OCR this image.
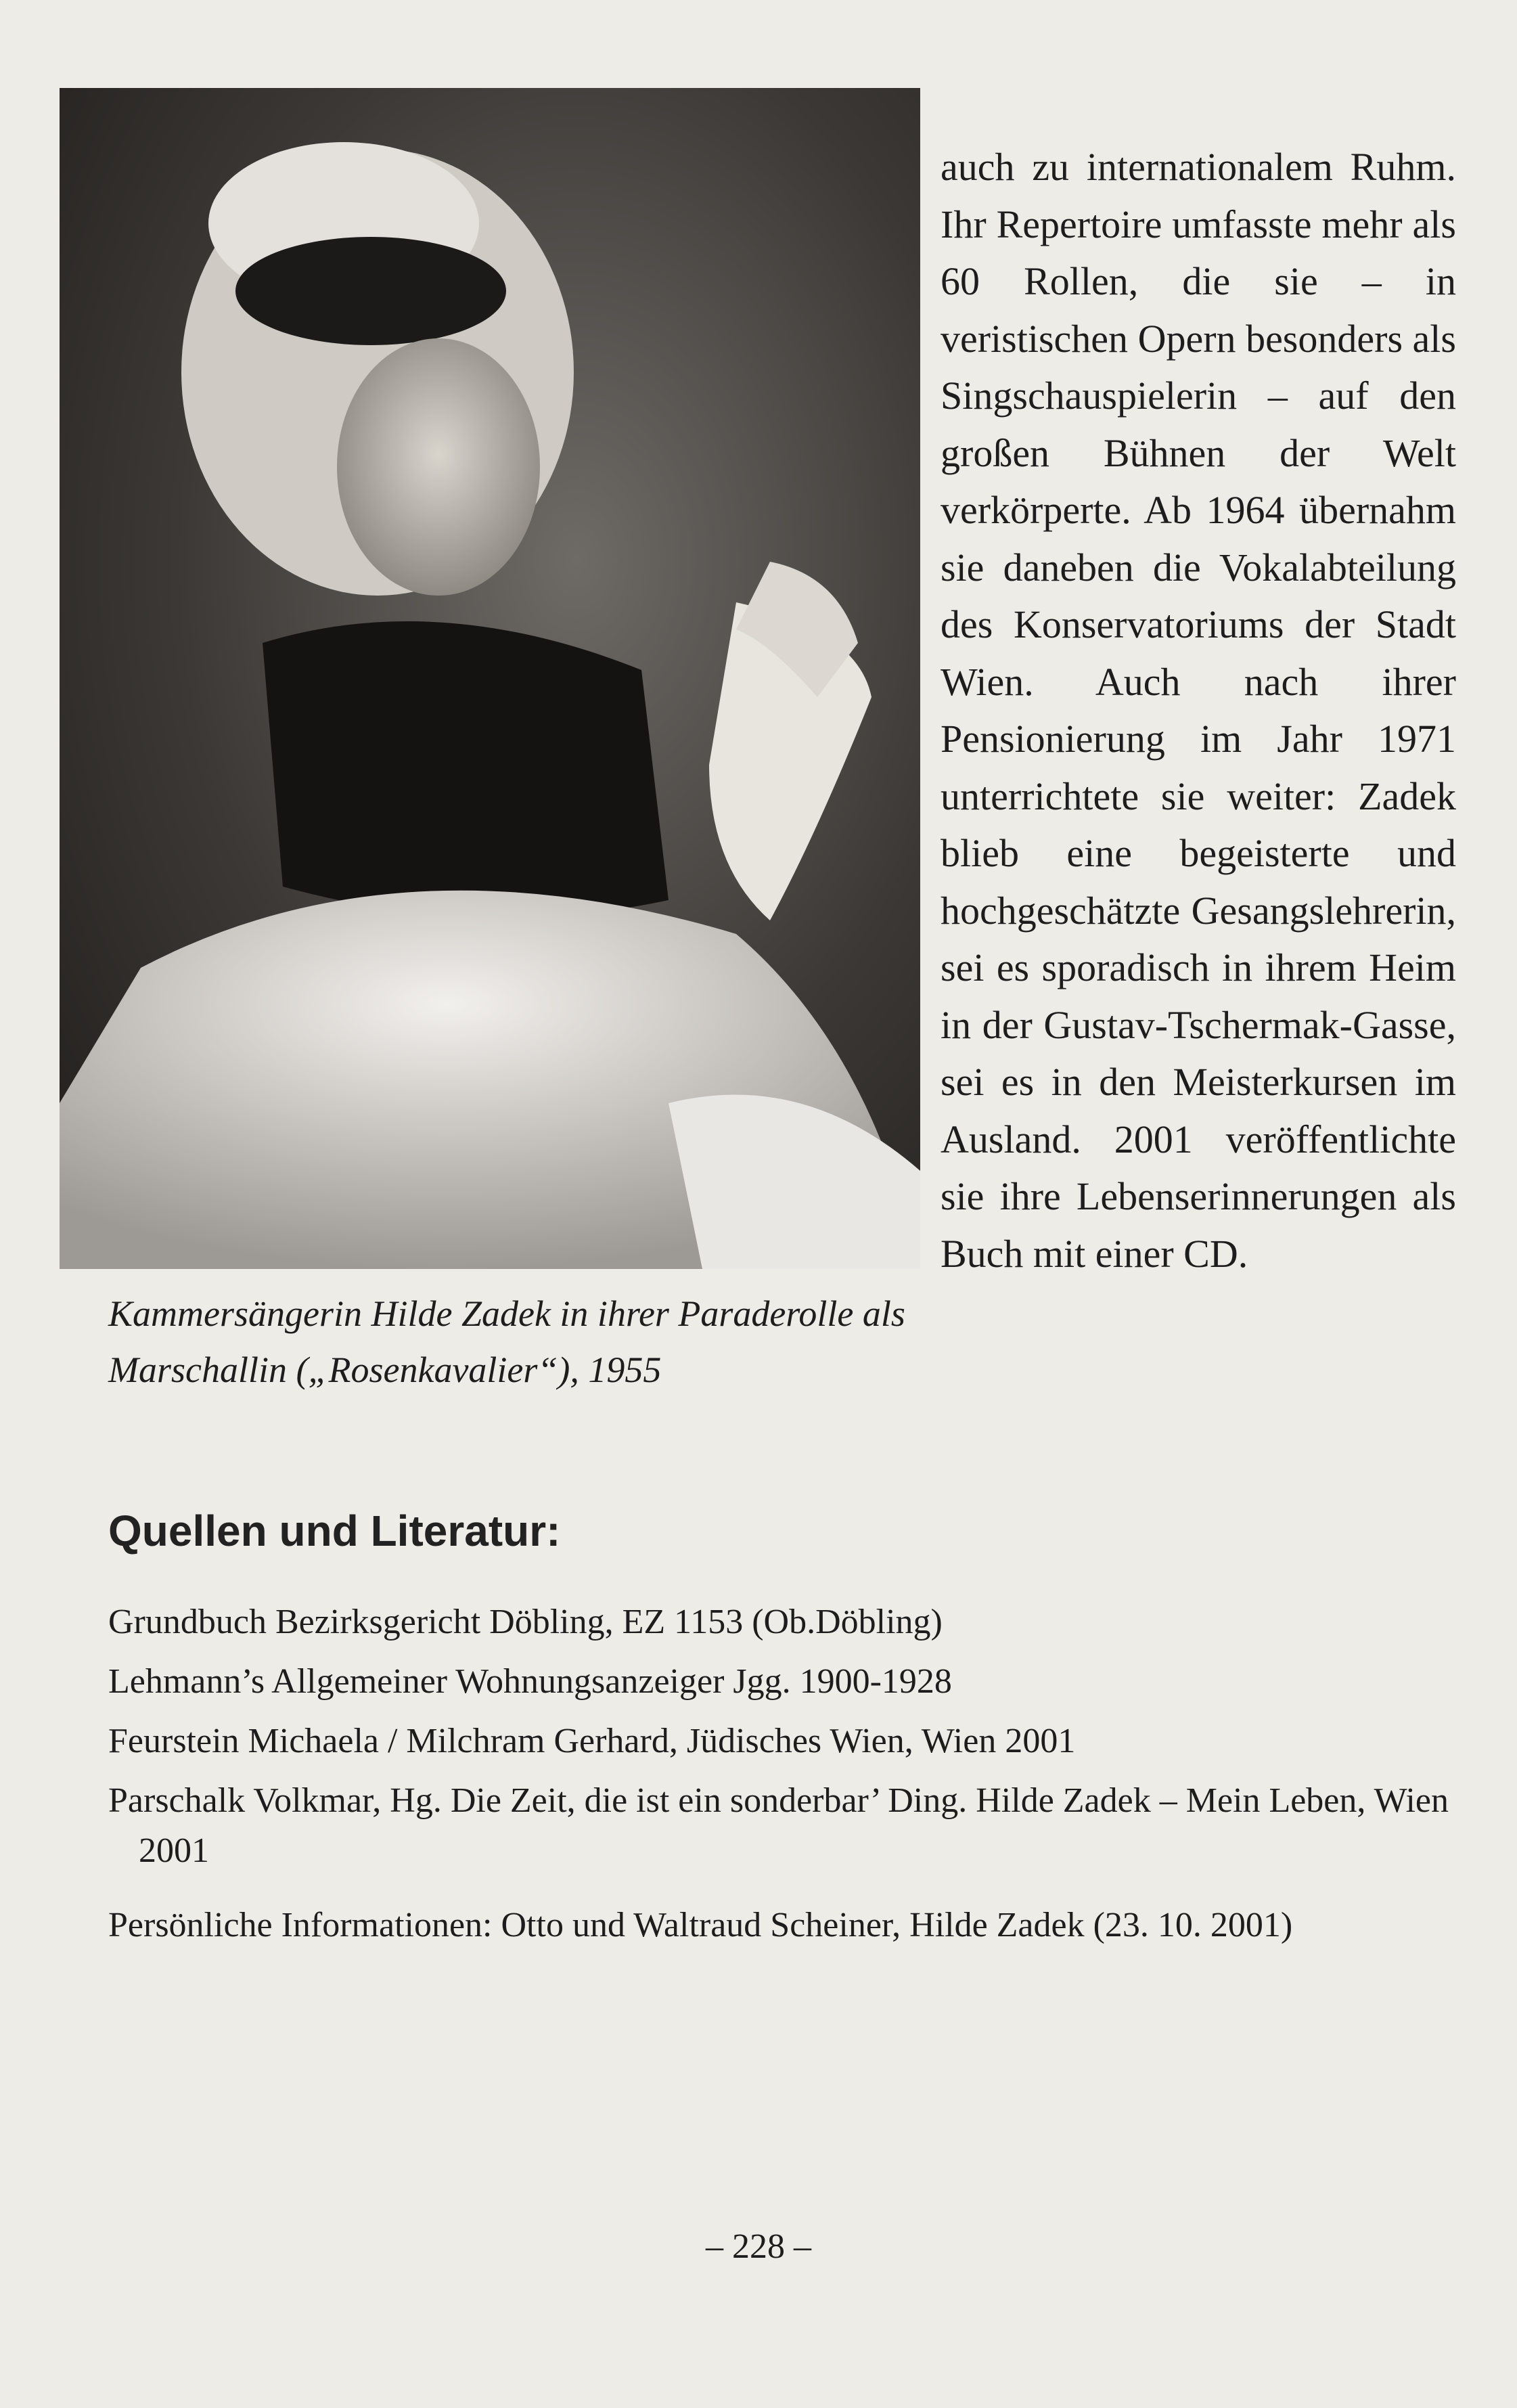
auch zu internationalem Ruhm. Ihr Repertoire umfasste mehr als 60 Rollen, die sie – in veristischen Opern besonders als Singschauspielerin – auf den großen Bühnen der Welt verkörperte. Ab 1964 übernahm sie daneben die Vokalabteilung des Konservatoriums der Stadt Wien. Auch nach ihrer Pensionierung im Jahr 1971 unterrichtete sie weiter: Zadek blieb eine begeisterte und hochgeschätzte Gesangslehrerin, sei es sporadisch in ihrem Heim in der Gustav-Tschermak-Gasse, sei es in den Meisterkursen im Ausland. 2001 veröffentlichte sie ihre Lebenserinnerungen als Buch mit einer CD.

Kammersängerin Hilde Zadek in ihrer Paraderolle als Marschallin („Rosenkavalier“), 1955

Quellen und Literatur:
Grundbuch Bezirksgericht Döbling, EZ 1153 (Ob.Döbling)
Lehmann’s Allgemeiner Wohnungsanzeiger Jgg. 1900-1928
Feurstein Michaela / Milchram Gerhard, Jüdisches Wien, Wien 2001
Parschalk Volkmar, Hg. Die Zeit, die ist ein sonderbar’ Ding. Hilde Zadek – Mein Leben, Wien 2001
Persönliche Informationen: Otto und Waltraud Scheiner, Hilde Zadek (23. 10. 2001)
– 228 –
